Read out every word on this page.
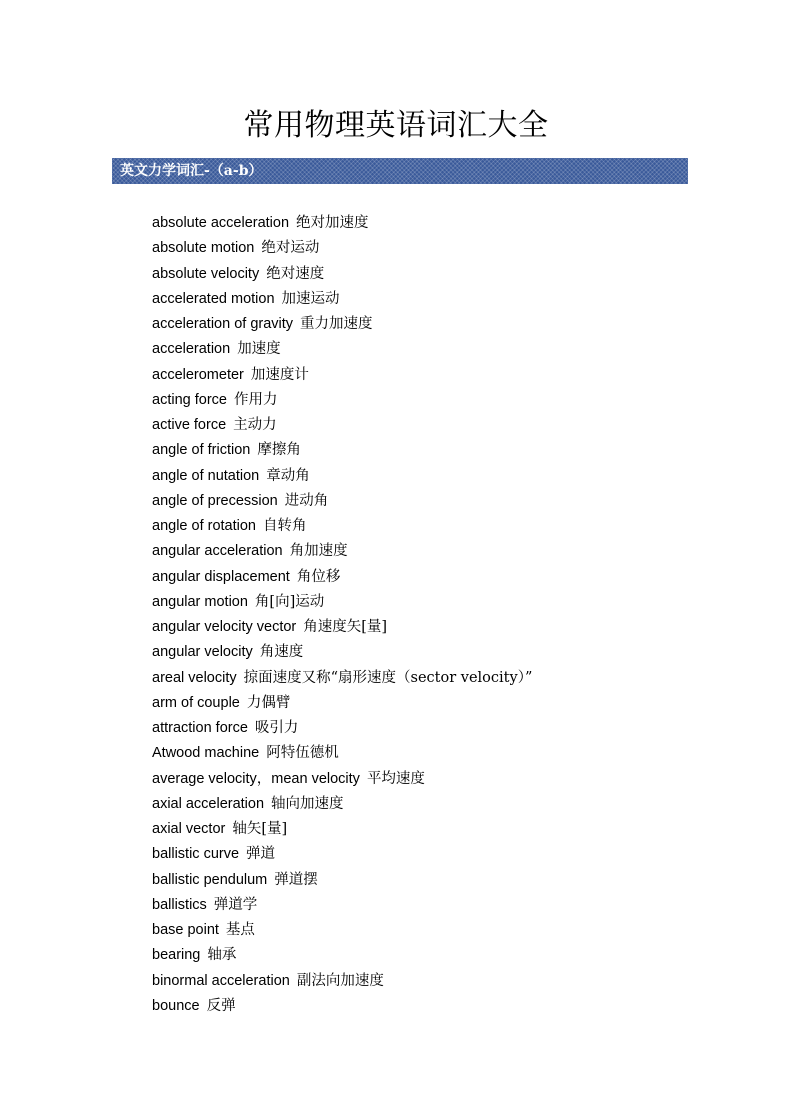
常用物理英语词汇大全
英文力学词汇-（a-b）
absolute acceleration 绝对加速度
absolute motion 绝对运动
absolute velocity 绝对速度
accelerated motion 加速运动
acceleration of gravity 重力加速度
acceleration 加速度
accelerometer 加速度计
acting force 作用力
active force 主动力
angle of friction 摩擦角
angle of nutation 章动角
angle of precession 进动角
angle of rotation 自转角
angular acceleration 角加速度
angular displacement 角位移
angular motion 角[向]运动
angular velocity vector 角速度矢[量]
angular velocity 角速度
areal velocity 掠面速度又称“扇形速度（sector velocity）”
arm of couple 力偶臂
attraction force 吸引力
Atwood machine 阿特伍德机
average velocity，mean velocity 平均速度
axial acceleration 轴向加速度
axial vector 轴矢[量]
ballistic curve 弹道
ballistic pendulum 弹道摆
ballistics 弹道学
base point 基点
bearing 轴承
binormal acceleration 副法向加速度
bounce 反弹
